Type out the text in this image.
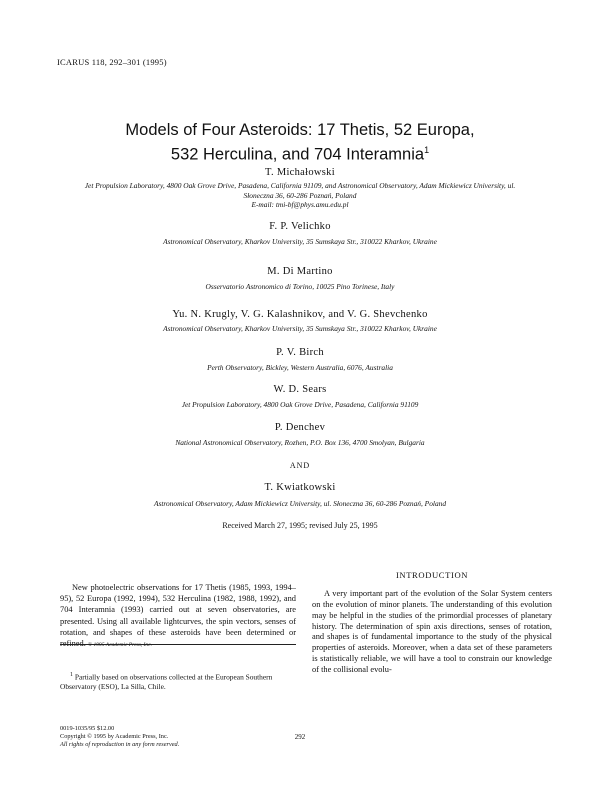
ICARUS 118, 292–301 (1995)
Models of Four Asteroids: 17 Thetis, 52 Europa,
532 Herculina, and 704 Interamnia$^1$
T. Michałowski
Jet Propulsion Laboratory, 4800 Oak Grove Drive, Pasadena, California 91109, and Astronomical Observatory, Adam Mickiewicz University, ul.
Słoneczna 36, 60-286 Poznań, Poland
E-mail: tmi-bf@phys.amu.edu.pl
F. P. Velichko
Astronomical Observatory, Kharkov University, 35 Sumskaya Str., 310022 Kharkov, Ukraine
M. Di Martino
Osservatorio Astronomico di Torino, 10025 Pino Torinese, Italy
Yu. N. Krugly, V. G. Kalashnikov, and V. G. Shevchenko
Astronomical Observatory, Kharkov University, 35 Sumskaya Str., 310022 Kharkov, Ukraine
P. V. Birch
Perth Observatory, Bickley, Western Australia, 6076, Australia
W. D. Sears
Jet Propulsion Laboratory, 4800 Oak Grove Drive, Pasadena, California 91109
P. Denchev
National Astronomical Observatory, Rozhen, P.O. Box 136, 4700 Smolyan, Bulgaria
AND
T. Kwiatkowski
Astronomical Observatory, Adam Mickiewicz University, ul. Słoneczna 36, 60-286 Poznań, Poland
Received March 27, 1995; revised July 25, 1995
New photoelectric observations for 17 Thetis (1985, 1993, 1994–95), 52 Europa (1992, 1994), 532 Herculina (1982, 1988, 1992), and 704 Interamnia (1993) carried out at seven observatories, are presented. Using all available lightcurves, the spin vectors, senses of rotation, and shapes of these asteroids have been determined or refined. © 1995 Academic Press, Inc.
$^1$ Partially based on observations collected at the European Southern Observatory (ESO), La Silla, Chile.
0019-1035/95 $12.00
Copyright © 1995 by Academic Press, Inc.
All rights of reproduction in any form reserved.
INTRODUCTION
A very important part of the evolution of the Solar System centers on the evolution of minor planets. The understanding of this evolution may be helpful in the studies of the primordial processes of planetary history. The determination of spin axis directions, senses of rotation, and shapes is of fundamental importance to the study of the physical properties of asteroids. Moreover, when a data set of these parameters is statistically reliable, we will have a tool to constrain our knowledge of the collisional evolu-
292
